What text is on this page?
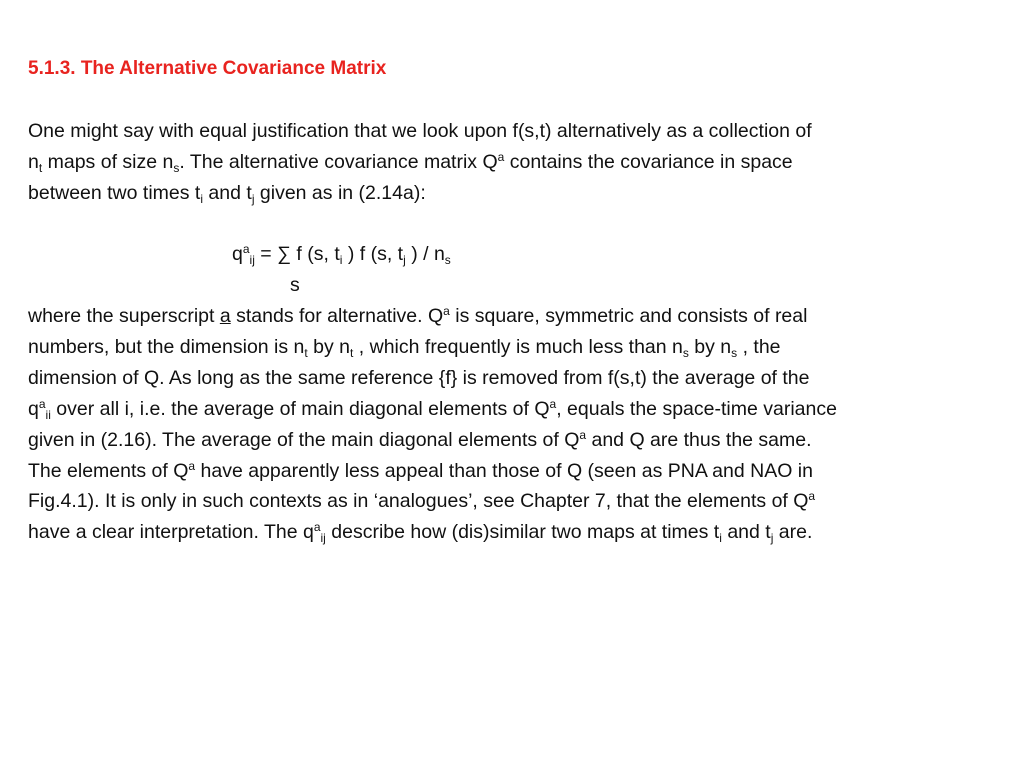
5.1.3. The Alternative Covariance Matrix
One might say with equal justification that we look upon f(s,t) alternatively as a collection of
$n_t$ maps of size $n_s$. The alternative covariance matrix $Q^a$ contains the covariance in space
between two times $t_i$ and $t_j$ given as in (2.14a):
$q^a_{ij}$ = ∑ f (s, $t_i$ ) f (s, $t_j$ ) / $n_s$
s
where the superscript a stands for alternative. $Q^a$ is square, symmetric and consists of real
numbers, but the dimension is $n_t$ by $n_t$ , which frequently is much less than $n_s$ by $n_s$ , the
dimension of Q. As long as the same reference {f} is removed from f(s,t) the average of the
$q^a_{ii}$ over all i, i.e. the average of main diagonal elements of $Q^a$, equals the space-time variance
given in (2.16). The average of the main diagonal elements of $Q^a$ and Q are thus the same.
The elements of $Q^a$ have apparently less appeal than those of Q (seen as PNA and NAO in
Fig.4.1). It is only in such contexts as in ‘analogues’, see Chapter 7, that the elements of $Q^a$
have a clear interpretation. The $q^a_{ij}$ describe how (dis)similar two maps at times $t_i$ and $t_j$ are.
